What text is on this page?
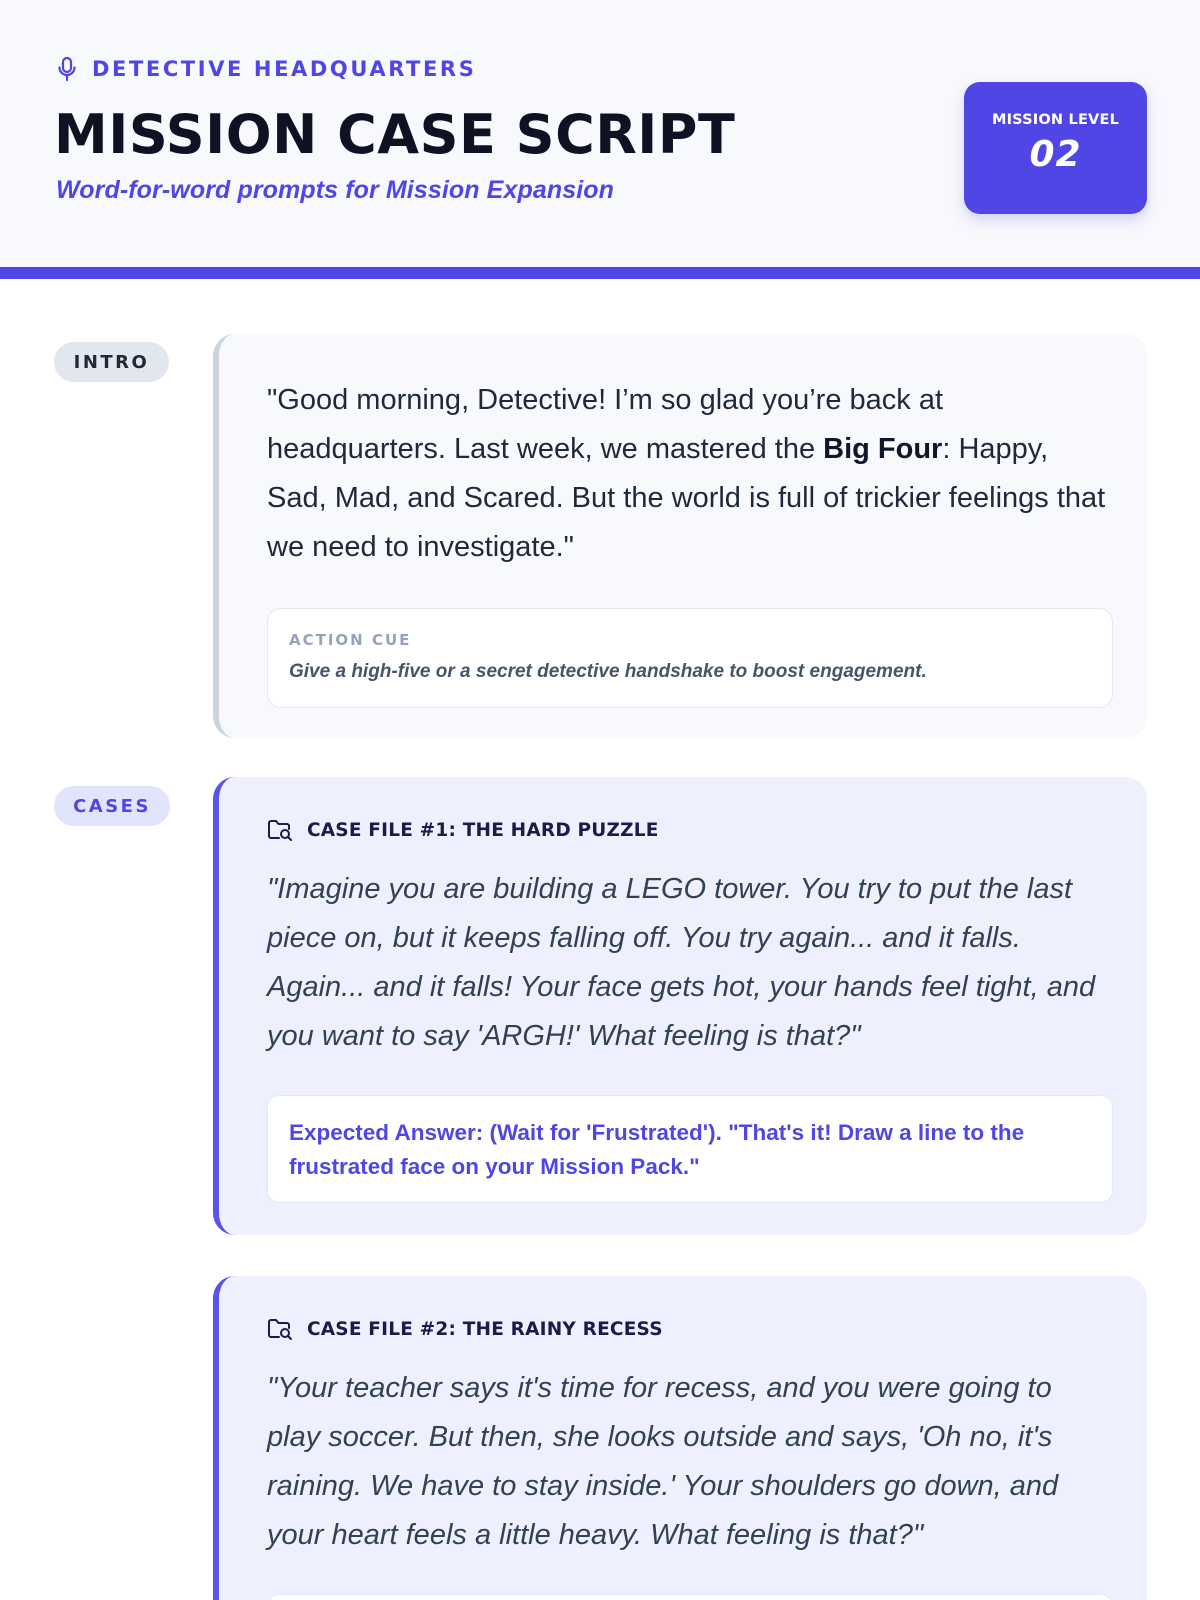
DETECTIVE HEADQUARTERS
MISSION CASE SCRIPT
Word-for-word prompts for Mission Expansion
MISSION LEVEL
02
INTRO

"Good morning, Detective! I’m so glad you’re back at headquarters. Last week, we mastered the Big Four: Happy, Sad, Mad, and Scared. But the world is full of trickier feelings that we need to investigate."

ACTION CUE
Give a high-five or a secret detective handshake to boost engagement.
CASES
CASE FILE #1: THE HARD PUZZLE

"Imagine you are building a LEGO tower. You try to put the last piece on, but it keeps falling off. You try again... and it falls. Again... and it falls! Your face gets hot, your hands feel tight, and you want to say 'ARGH!' What feeling is that?"

Expected Answer: (Wait for 'Frustrated'). "That's it! Draw a line to the frustrated face on your Mission Pack."
CASE FILE #2: THE RAINY RECESS

"Your teacher says it's time for recess, and you were going to play soccer. But then, she looks outside and says, 'Oh no, it's raining. We have to stay inside.' Your shoulders go down, and your heart feels a little heavy. What feeling is that?"
